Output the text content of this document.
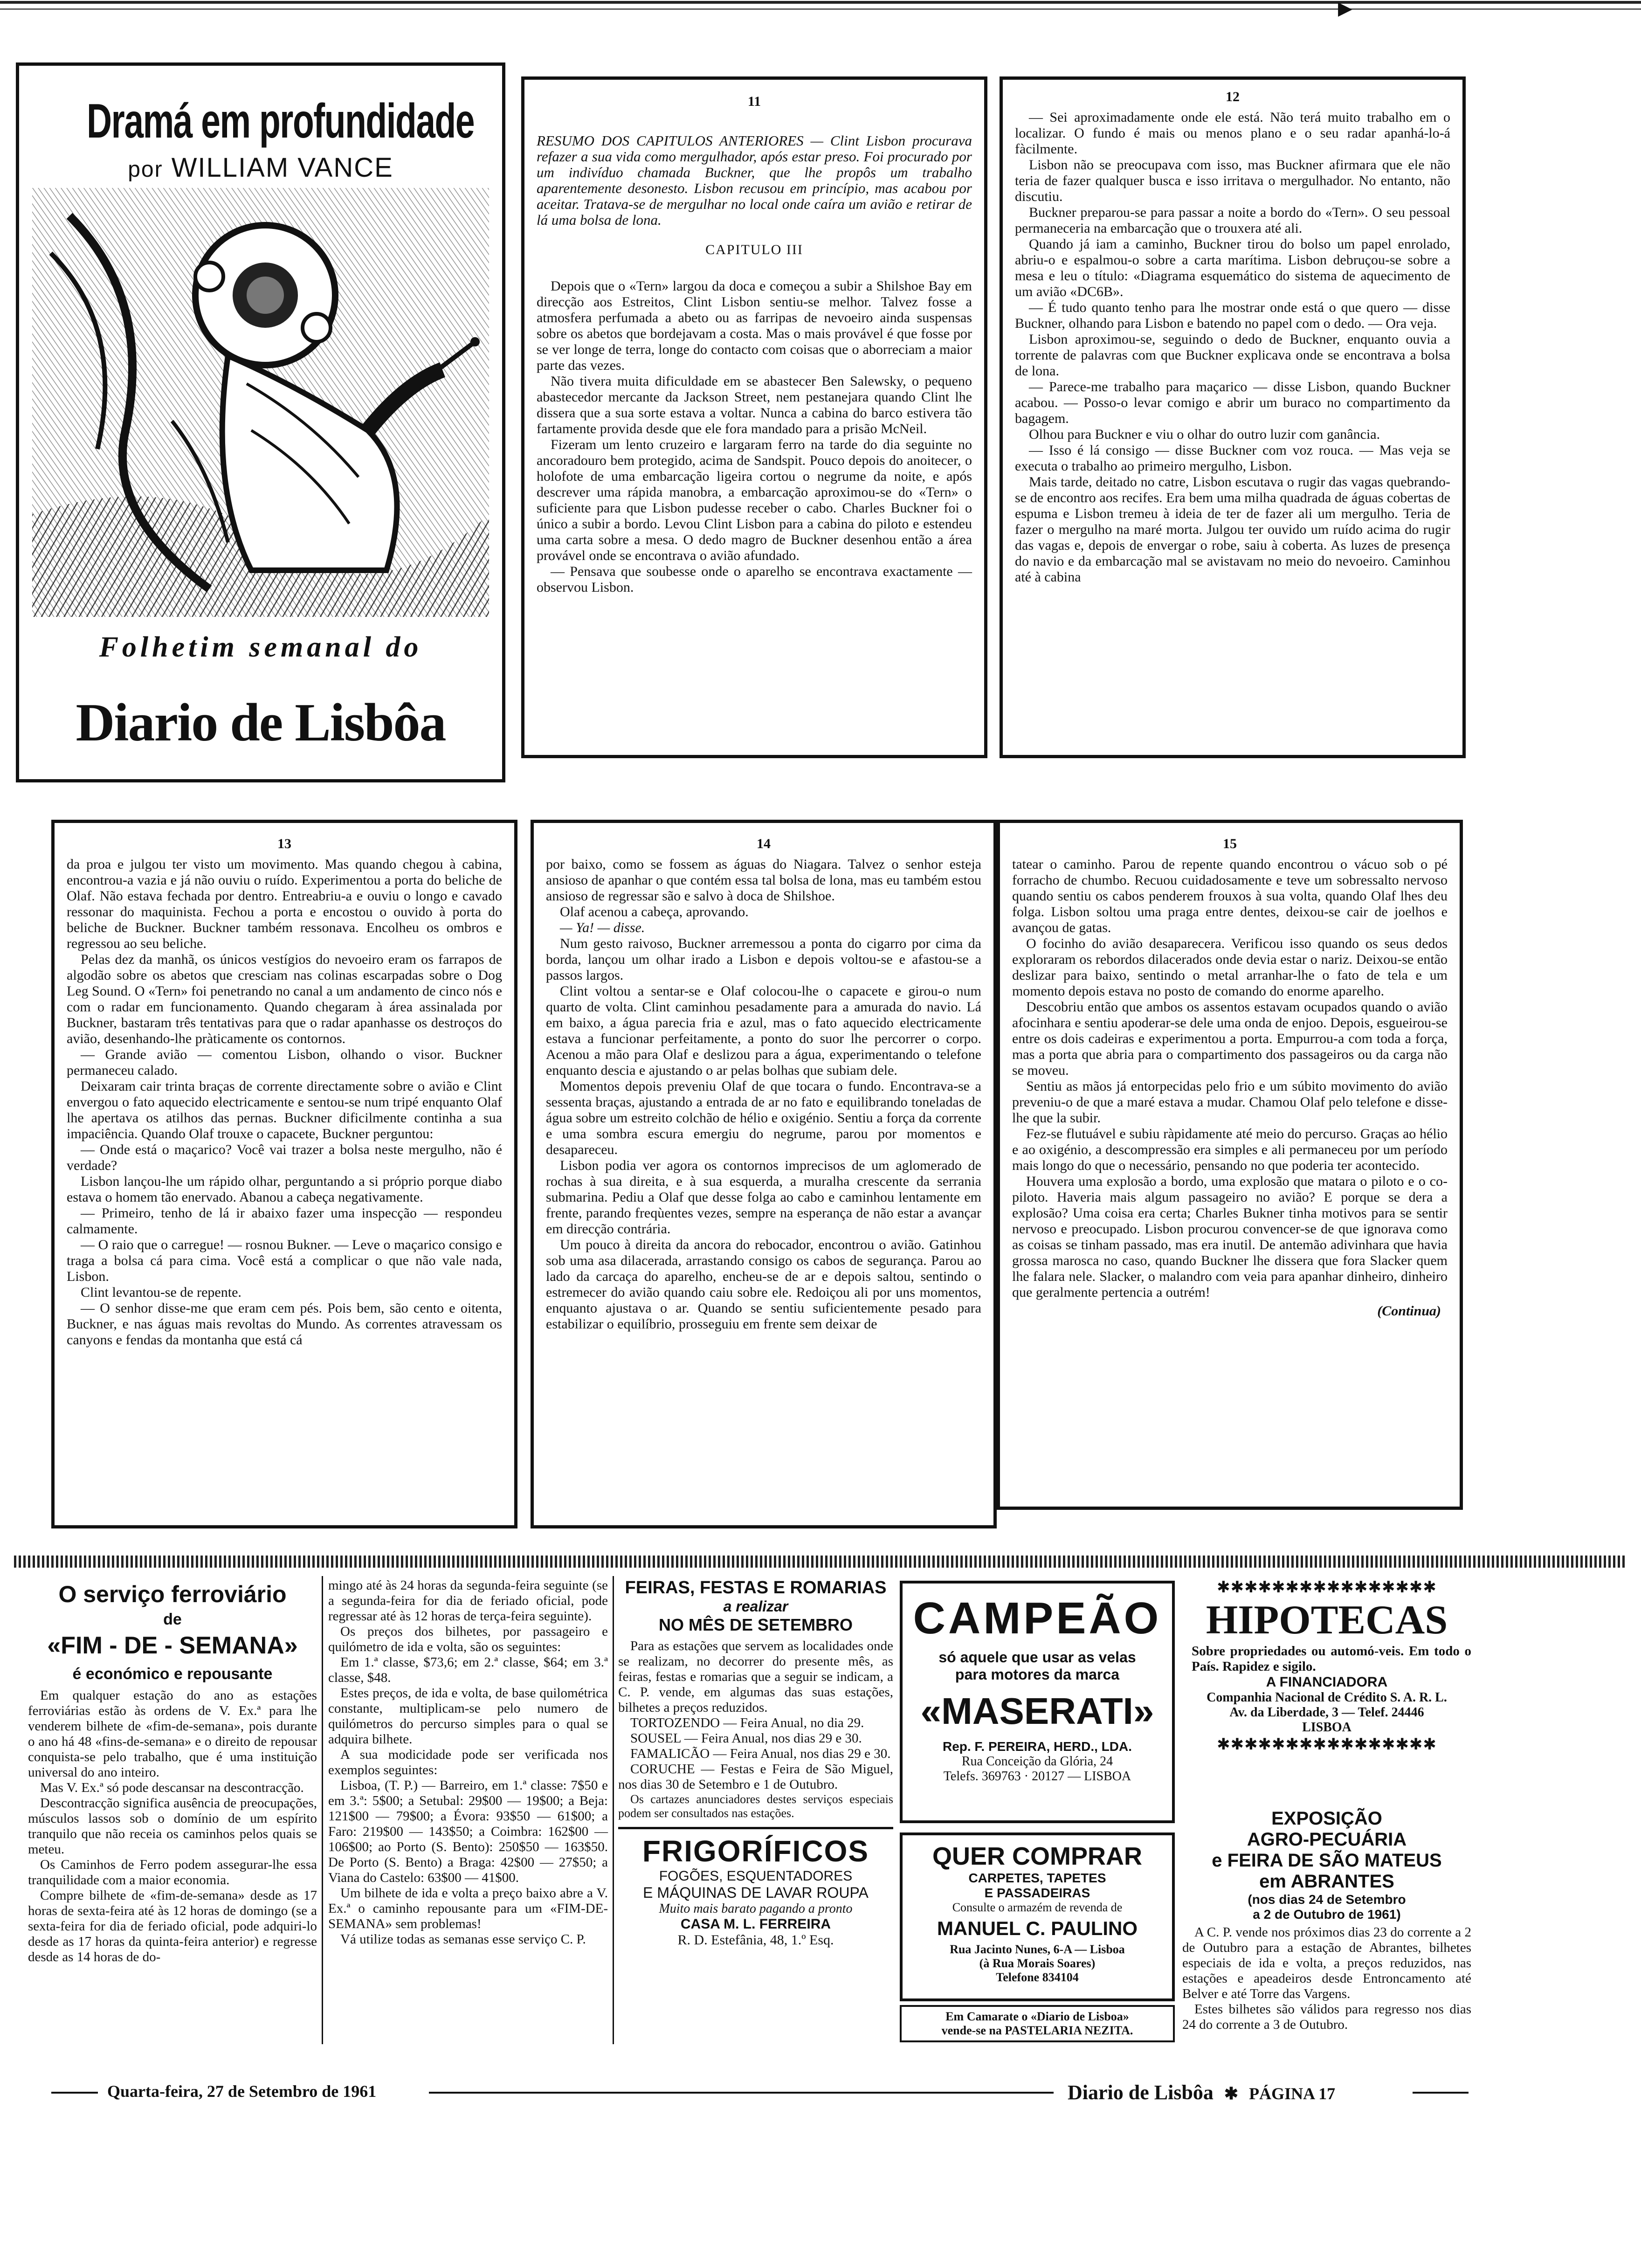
▶
Dramá em profundidade
por WILLIAM VANCE
Folhetim semanal do
Diario de Lisbôa
11
RESUMO DOS CAPITULOS ANTERIORES — Clint Lisbon procurava refazer a sua vida como mergulhador, após estar preso. Foi procurado por um indivíduo chamada Buckner, que lhe propôs um trabalho aparentemente desonesto. Lisbon recusou em princípio, mas acabou por aceitar. Tratava-se de mergulhar no local onde caíra um avião e retirar de lá uma bolsa de lona.
CAPITULO III

Depois que o «Tern» largou da doca e começou a subir a Shilshoe Bay em direcção aos Estreitos, Clint Lisbon sentiu-se melhor. Talvez fosse a atmosfera perfumada a abeto ou as farripas de nevoeiro ainda suspensas sobre os abetos que bordejavam a costa. Mas o mais provável é que fosse por se ver longe de terra, longe do contacto com coisas que o aborreciam a maior parte das vezes.

Não tivera muita dificuldade em se abastecer Ben Salewsky, o pequeno abastecedor mercante da Jackson Street, nem pestanejara quando Clint lhe dissera que a sua sorte estava a voltar. Nunca a cabina do barco estivera tão fartamente provida desde que ele fora mandado para a prisão McNeil.

Fizeram um lento cruzeiro e largaram ferro na tarde do dia seguinte no ancoradouro bem protegido, acima de Sandspit. Pouco depois do anoitecer, o holofote de uma embarcação ligeira cortou o negrume da noite, e após descrever uma rápida manobra, a embarcação aproximou-se do «Tern» o suficiente para que Lisbon pudesse receber o cabo. Charles Buckner foi o único a subir a bordo. Levou Clint Lisbon para a cabina do piloto e estendeu uma carta sobre a mesa. O dedo magro de Buckner desenhou então a área provável onde se encontrava o avião afundado.

— Pensava que soubesse onde o aparelho se encontrava exactamente — observou Lisbon.

12

— Sei aproximadamente onde ele está. Não terá muito trabalho em o localizar. O fundo é mais ou menos plano e o seu radar apanhá-lo-á fàcilmente.

Lisbon não se preocupava com isso, mas Buckner afirmara que ele não teria de fazer qualquer busca e isso irritava o mergulhador. No entanto, não discutiu.

Buckner preparou-se para passar a noite a bordo do «Tern». O seu pessoal permaneceria na embarcação que o trouxera até ali.

Quando já iam a caminho, Buckner tirou do bolso um papel enrolado, abriu-o e espalmou-o sobre a carta marítima. Lisbon debruçou-se sobre a mesa e leu o título: «Diagrama esquemático do sistema de aquecimento de um avião «DC6B».

— É tudo quanto tenho para lhe mostrar onde está o que quero — disse Buckner, olhando para Lisbon e batendo no papel com o dedo. — Ora veja.

Lisbon aproximou-se, seguindo o dedo de Buckner, enquanto ouvia a torrente de palavras com que Buckner explicava onde se encontrava a bolsa de lona.

— Parece-me trabalho para maçarico — disse Lisbon, quando Buckner acabou. — Posso-o levar comigo e abrir um buraco no compartimento da bagagem.

Olhou para Buckner e viu o olhar do outro luzir com ganância.

— Isso é lá consigo — disse Buckner com voz rouca. — Mas veja se executa o trabalho ao primeiro mergulho, Lisbon.

Mais tarde, deitado no catre, Lisbon escutava o rugir das vagas quebrando-se de encontro aos recifes. Era bem uma milha quadrada de águas cobertas de espuma e Lisbon tremeu à ideia de ter de fazer ali um mergulho. Teria de fazer o mergulho na maré morta. Julgou ter ouvido um ruído acima do rugir das vagas e, depois de envergar o robe, saiu à coberta. As luzes de presença do navio e da embarcação mal se avistavam no meio do nevoeiro. Caminhou até à cabina

13

da proa e julgou ter visto um movimento. Mas quando chegou à cabina, encontrou-a vazia e já não ouviu o ruído. Experimentou a porta do beliche de Olaf. Não estava fechada por dentro. Entreabriu-a e ouviu o longo e cavado ressonar do maquinista. Fechou a porta e encostou o ouvido à porta do beliche de Buckner. Buckner também ressonava. Encolheu os ombros e regressou ao seu beliche.

Pelas dez da manhã, os únicos vestígios do nevoeiro eram os farrapos de algodão sobre os abetos que cresciam nas colinas escarpadas sobre o Dog Leg Sound. O «Tern» foi penetrando no canal a um andamento de cinco nós e com o radar em funcionamento. Quando chegaram à área assinalada por Buckner, bastaram três tentativas para que o radar apanhasse os destroços do avião, desenhando-lhe pràticamente os contornos.

— Grande avião — comentou Lisbon, olhando o visor. Buckner permaneceu calado.

Deixaram cair trinta braças de corrente directamente sobre o avião e Clint envergou o fato aquecido electricamente e sentou-se num tripé enquanto Olaf lhe apertava os atilhos das pernas. Buckner dificilmente continha a sua impaciência. Quando Olaf trouxe o capacete, Buckner perguntou:

— Onde está o maçarico? Você vai trazer a bolsa neste mergulho, não é verdade?

Lisbon lançou-lhe um rápido olhar, perguntando a si próprio porque diabo estava o homem tão enervado. Abanou a cabeça negativamente.

— Primeiro, tenho de lá ir abaixo fazer uma inspecção — respondeu calmamente.

— O raio que o carregue! — rosnou Bukner. — Leve o maçarico consigo e traga a bolsa cá para cima. Você está a complicar o que não vale nada, Lisbon.

Clint levantou-se de repente.

— O senhor disse-me que eram cem pés. Pois bem, são cento e oitenta, Buckner, e nas águas mais revoltas do Mundo. As correntes atravessam os canyons e fendas da montanha que está cá

14

por baixo, como se fossem as águas do Niagara. Talvez o senhor esteja ansioso de apanhar o que contém essa tal bolsa de lona, mas eu também estou ansioso de regressar são e salvo à doca de Shilshoe.

Olaf acenou a cabeça, aprovando.

— Ya! — disse.

Num gesto raivoso, Buckner arremessou a ponta do cigarro por cima da borda, lançou um olhar irado a Lisbon e depois voltou-se e afastou-se a passos largos.

Clint voltou a sentar-se e Olaf colocou-lhe o capacete e girou-o num quarto de volta. Clint caminhou pesadamente para a amurada do navio. Lá em baixo, a água parecia fria e azul, mas o fato aquecido electricamente estava a funcionar perfeitamente, a ponto do suor lhe percorrer o corpo. Acenou a mão para Olaf e deslizou para a água, experimentando o telefone enquanto descia e ajustando o ar pelas bolhas que subiam dele.

Momentos depois preveniu Olaf de que tocara o fundo. Encontrava-se a sessenta braças, ajustando a entrada de ar no fato e equilibrando toneladas de água sobre um estreito colchão de hélio e oxigénio. Sentiu a força da corrente e uma sombra escura emergiu do negrume, parou por momentos e desapareceu.

Lisbon podia ver agora os contornos imprecisos de um aglomerado de rochas à sua direita, e à sua esquerda, a muralha crescente da serrania submarina. Pediu a Olaf que desse folga ao cabo e caminhou lentamente em frente, parando freqùentes vezes, sempre na esperança de não estar a avançar em direcção contrária.

Um pouco à direita da ancora do rebocador, encontrou o avião. Gatinhou sob uma asa dilacerada, arrastando consigo os cabos de segurança. Parou ao lado da carcaça do aparelho, encheu-se de ar e depois saltou, sentindo o estremecer do avião quando caiu sobre ele. Redoiçou ali por uns momentos, enquanto ajustava o ar. Quando se sentiu suficientemente pesado para estabilizar o equilíbrio, prosseguiu em frente sem deixar de

15

tatear o caminho. Parou de repente quando encontrou o vácuo sob o pé forracho de chumbo. Recuou cuidadosamente e teve um sobressalto nervoso quando sentiu os cabos penderem frouxos à sua volta, quando Olaf lhes deu folga. Lisbon soltou uma praga entre dentes, deixou-se cair de joelhos e avançou de gatas.

O focinho do avião desaparecera. Verificou isso quando os seus dedos exploraram os rebordos dilacerados onde devia estar o nariz. Deixou-se então deslizar para baixo, sentindo o metal arranhar-lhe o fato de tela e um momento depois estava no posto de comando do enorme aparelho.

Descobriu então que ambos os assentos estavam ocupados quando o avião afocinhara e sentiu apoderar-se dele uma onda de enjoo. Depois, esgueirou-se entre os dois cadeiras e experimentou a porta. Empurrou-a com toda a força, mas a porta que abria para o compartimento dos passageiros ou da carga não se moveu.

Sentiu as mãos já entorpecidas pelo frio e um súbito movimento do avião preveniu-o de que a maré estava a mudar. Chamou Olaf pelo telefone e disse-lhe que la subir.

Fez-se flutuável e subiu ràpidamente até meio do percurso. Graças ao hélio e ao oxigénio, a descompressão era simples e ali permaneceu por um período mais longo do que o necessário, pensando no que poderia ter acontecido.

Houvera uma explosão a bordo, uma explosão que matara o piloto e o co-piloto. Haveria mais algum passageiro no avião? E porque se dera a explosão? Uma coisa era certa; Charles Bukner tinha motivos para se sentir nervoso e preocupado. Lisbon procurou convencer-se de que ignorava como as coisas se tinham passado, mas era inutil. De antemão adivinhara que havia grossa marosca no caso, quando Buckner lhe dissera que fora Slacker quem lhe falara nele. Slacker, o malandro com veia para apanhar dinheiro, dinheiro que geralmente pertencia a outrém!

(Continua)
O serviço ferroviário
de
«FIM - DE - SEMANA»
é económico e repousante

Em qualquer estação do ano as estações ferroviárias estão às ordens de V. Ex.ª para lhe venderem bilhete de «fim-de-semana», pois durante o ano há 48 «fins-de-semana» e o direito de repousar conquista-se pelo trabalho, que é uma instituição universal do ano inteiro.

Mas V. Ex.ª só pode descansar na descontracção.

Descontracção significa ausência de preocupações, músculos lassos sob o domínio de um espírito tranquilo que não receia os caminhos pelos quais se meteu.

Os Caminhos de Ferro podem assegurar-lhe essa tranquilidade com a maior economia.

Compre bilhete de «fim-de-semana» desde as 17 horas de sexta-feira até às 12 horas de domingo (se a sexta-feira for dia de feriado oficial, pode adquiri-lo desde as 17 horas da quinta-feira anterior) e regresse desde as 14 horas de do-

mingo até às 24 horas da segunda-feira seguinte (se a segunda-feira for dia de feriado oficial, pode regressar até às 12 horas de terça-feira seguinte).

Os preços dos bilhetes, por passageiro e quilómetro de ida e volta, são os seguintes:

Em 1.ª classe, $73,6; em 2.ª classe, $64; em 3.ª classe, $48.

Estes preços, de ida e volta, de base quilométrica constante, multiplicam-se pelo numero de quilómetros do percurso simples para o qual se adquira bilhete.

A sua modicidade pode ser verificada nos exemplos seguintes:

Lisboa, (T. P.) — Barreiro, em 1.ª classe: 7$50 e em 3.ª: 5$00; a Setubal: 29$00 — 19$00; a Beja: 121$00 — 79$00; a Évora: 93$50 — 61$00; a Faro: 219$00 — 143$50; a Coimbra: 162$00 — 106$00; ao Porto (S. Bento): 250$50 — 163$50. De Porto (S. Bento) a Braga: 42$00 — 27$50; a Viana do Castelo: 63$00 — 41$00.

Um bilhete de ida e volta a preço baixo abre a V. Ex.ª o caminho repousante para um «FIM-DE-SEMANA» sem problemas!

Vá utilize todas as semanas esse serviço C. P.

FEIRAS, FESTAS E ROMARIAS
a realizar
NO MÊS DE SETEMBRO

Para as estações que servem as localidades onde se realizam, no decorrer do presente mês, as feiras, festas e romarias que a seguir se indicam, a C. P. vende, em algumas das suas estações, bilhetes a preços reduzidos.

TORTOZENDO — Feira Anual, no dia 29.

SOUSEL — Feira Anual, nos dias 29 e 30.

FAMALICÃO — Feira Anual, nos dias 29 e 30.

CORUCHE — Festas e Feira de São Miguel, nos dias 30 de Setembro e 1 de Outubro.

Os cartazes anunciadores destes serviços especiais podem ser consultados nas estações.

FRIGORÍFICOS
FOGÕES, ESQUENTADORES
E MÁQUINAS DE LAVAR ROUPA
Muito mais barato pagando a pronto
CASA M. L. FERREIRA
R. D. Estefânia, 48, 1.º Esq.
CAMPEÃO
só aquele que usar as velas
para motores da marca
«MASERATI»
Rep. F. PEREIRA, HERD., LDA.
Rua Conceição da Glória, 24
Telefs. 369763 · 20127 — LISBOA
QUER COMPRAR
CARPETES, TAPETES
E PASSADEIRAS
Consulte o armazém de revenda de
MANUEL C. PAULINO
Rua Jacinto Nunes, 6-A — Lisboa
(à Rua Morais Soares)
Telefone 834104
Em Camarate o «Diario de Lisboa»
vende-se na PASTELARIA NEZITA.
✱✱✱✱✱✱✱✱✱✱✱✱✱✱✱✱
HIPOTECAS
Sobre propriedades ou automó-veis. Em todo o País. Rapidez e sigilo.
A FINANCIADORA
Companhia Nacional de Crédito S. A. R. L.
Av. da Liberdade, 3 — Telef. 24446
LISBOA
✱✱✱✱✱✱✱✱✱✱✱✱✱✱✱✱
EXPOSIÇÃO
AGRO-PECUÁRIA
e FEIRA DE SÃO MATEUS
em ABRANTES
(nos dias 24 de Setembro
a 2 de Outubro de 1961)

A C. P. vende nos próximos dias 23 do corrente a 2 de Outubro para a estação de Abrantes, bilhetes especiais de ida e volta, a preços reduzidos, nas estações e apeadeiros desde Entroncamento até Belver e até Torre das Vargens.

Estes bilhetes são válidos para regresso nos dias 24 do corrente a 3 de Outubro.

Quarta-feira, 27 de Setembro de 1961	Diario de Lisbôa ✱ PÁGINA 17
